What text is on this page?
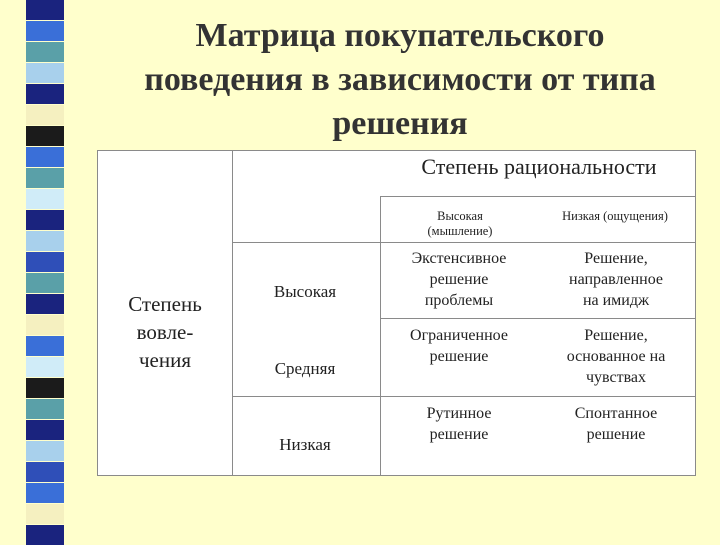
Матрица покупательского
поведения в зависимости от типа
решения
Степень рациональности
Высокая
(мышление)
Низкая (ощущения)
Степень
вовле-
чения
Высокая
Средняя
Низкая
Экстенсивное
решение
проблемы
Решение,
направленное
на имидж
Ограниченное
решение
Решение,
основанное на
чувствах
Рутинное
решение
Спонтанное
решение
